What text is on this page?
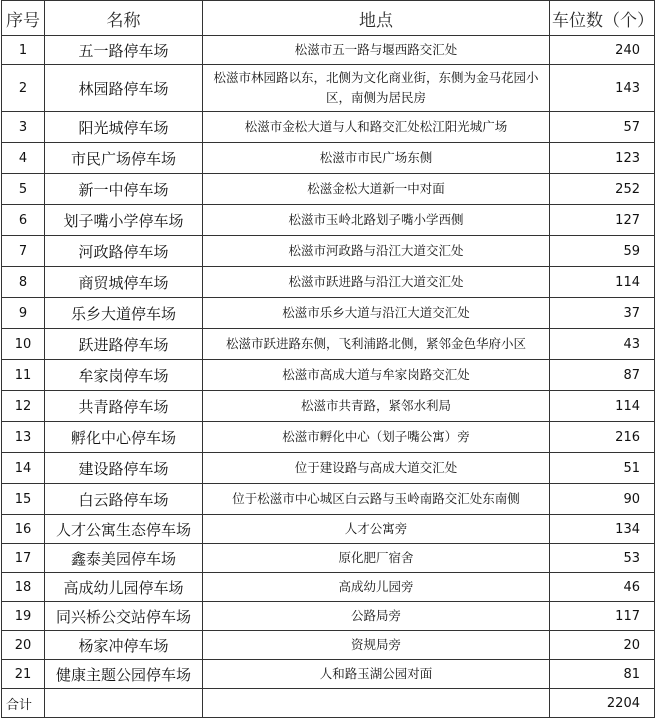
序号	名称	地点	车位数（个）
1	五一路停车场	松滋市五一路与堰西路交汇处	240
2	林园路停车场	松滋市林园路以东，北侧为文化商业街，东侧为金马花园小区，南侧为居民房	143
3	阳光城停车场	松滋市金松大道与人和路交汇处松江阳光城广场	57
4	市民广场停车场	松滋市市民广场东侧	123
5	新一中停车场	松滋金松大道新一中对面	252
6	划子嘴小学停车场	松滋市玉岭北路划子嘴小学西侧	127
7	河政路停车场	松滋市河政路与沿江大道交汇处	59
8	商贸城停车场	松滋市跃进路与沿江大道交汇处	114
9	乐乡大道停车场	松滋市乐乡大道与沿江大道交汇处	37
10	跃进路停车场	松滋市跃进路东侧，飞利浦路北侧，紧邻金色华府小区	43
11	牟家岗停车场	松滋市高成大道与牟家岗路交汇处	87
12	共青路停车场	松滋市共青路，紧邻水利局	114
13	孵化中心停车场	松滋市孵化中心（划子嘴公寓）旁	216
14	建设路停车场	位于建设路与高成大道交汇处	51
15	白云路停车场	位于松滋市中心城区白云路与玉岭南路交汇处东南侧	90
16	人才公寓生态停车场	人才公寓旁	134
17	鑫泰美园停车场	原化肥厂宿舍	53
18	高成幼儿园停车场	高成幼儿园旁	46
19	同兴桥公交站停车场	公路局旁	117
20	杨家冲停车场	资规局旁	20
21	健康主题公园停车场	人和路玉湖公园对面	81
合计			2204
